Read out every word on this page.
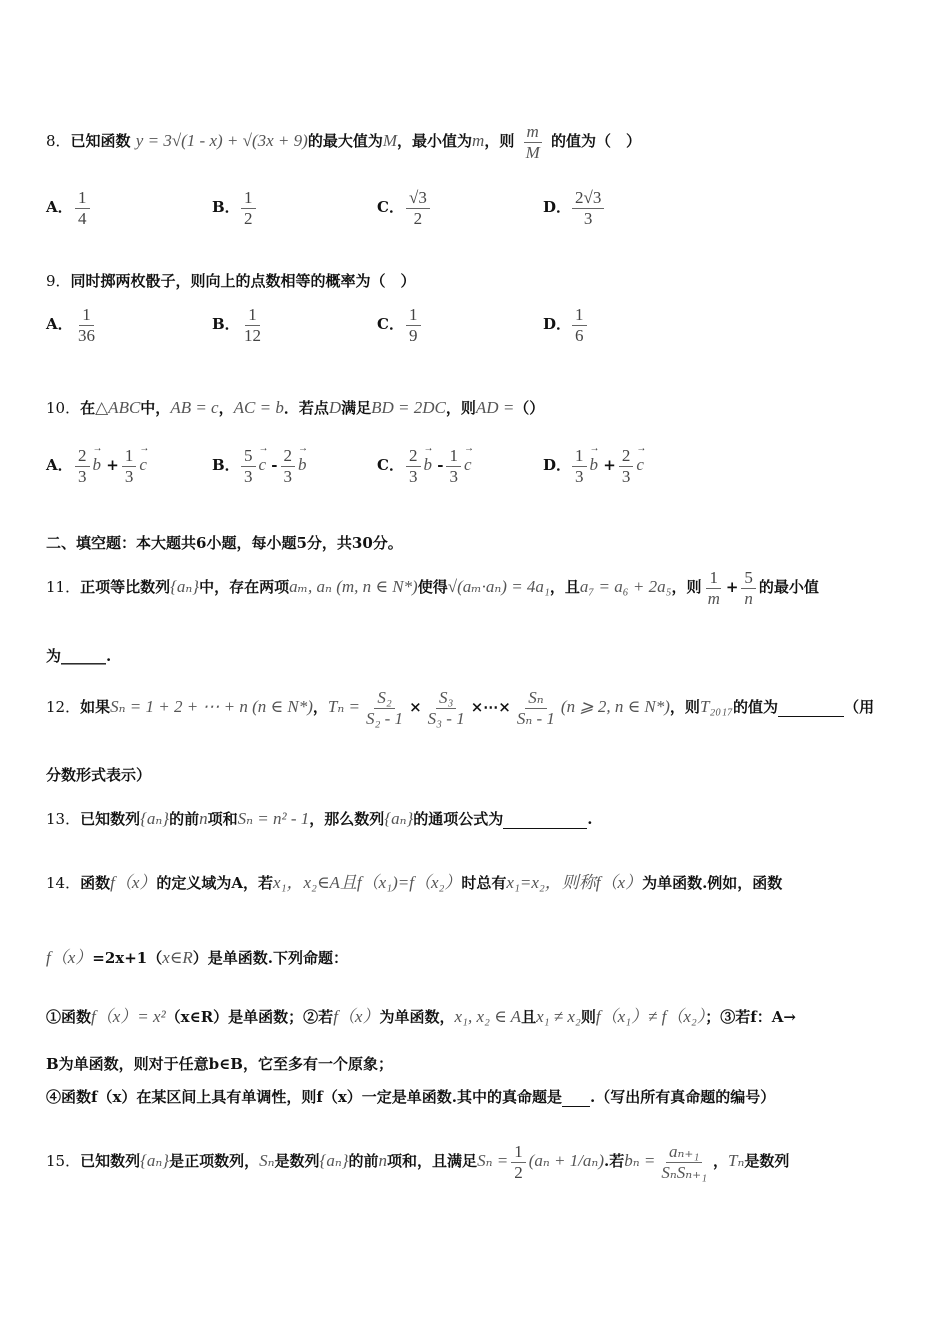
8．已知函数 y = 3√(1 - x) + √(3x + 9)的最大值为M，最小值为m，则 $\frac{m}{M}$ 的值为（　）
A． $\frac{1}{4}$	B． $\frac{1}{2}$	C． $\frac{√3}{2}$	D． $\frac{2√3}{3}$
9．同时掷两枚骰子，则向上的点数相等的概率为（　）
A． $\frac{1}{36}$	B． $\frac{1}{12}$	C． $\frac{1}{9}$	D． $\frac{1}{6}$
10．在△ABC中，AB = c，AC = b．若点D满足BD = 2DC，则AD =（）
A． $\frac{2}{3}$
→ $b + \frac{1}{3}$
→ c	B． $\frac{5}{3}$
→ c - $\frac{2}{3}$
→ b	C． $\frac{2}{3}$
→ b - $\frac{1}{3}$
→ c	D． $\frac{1}{3}$
→ $b + \frac{2}{3}$
→ c
二、填空题：本大题共6小题，每小题5分，共30分。
11．正项等比数列{aₙ}中，存在两项aₘ, aₙ (m, n ∈ N*)使得√(aₘ·aₙ) = 4a₁，且a₇ = a₆ + 2a₅，则 $\frac{1}{m} + \frac{5}{n}$ 的最小值
为______.
12．如果Sₙ = 1 + 2 + ⋯ + n (n ∈ N*)，$T_n = \frac{\text{S₂}}{\text{S₂ - 1}} \times \frac{\text{S₃}}{\text{S₃ - 1}}$ ×⋯× $\frac{\text{Sₙ}}{\text{Sₙ - 1}} (n$ ⩾ 2, n ∈ N*)，则T₂₀₁₇的值为	（用
分数形式表示）
13．已知数列{aₙ}的前n项和Sₙ = n² - 1，那么数列{aₙ}的通项公式为	.
14．函数f（x）的定义域为A，若x₁，x₂∈A且f（x₁)=f（x₂）时总有x₁=x₂，则称f（x）为单函数.例如，函数
f（x）=2x+1（x∈R）是单函数.下列命题：
①函数f（x）= x²（x∈R）是单函数；②若f（x）为单函数，x₁, x₂ ∈ A且x₁ ≠ x₂则f（x₁）≠ f（x₂）；③若f：A→
B为单函数，则对于任意b∈B，它至多有一个原象；
④函数f（x）在某区间上具有单调性，则f（x）一定是单函数.其中的真命题是 .（写出所有真命题的编号）
15．已知数列{aₙ}是正项数列，Sₙ是数列{aₙ}的前n项和，且满足$S_n = \frac{1}{2} (a_n + 1/a_n)$.若$b_n = \frac{\text{aₙ₊₁}}{\text{SₙSₙ₊₁}}$ ，Tₙ是数列
